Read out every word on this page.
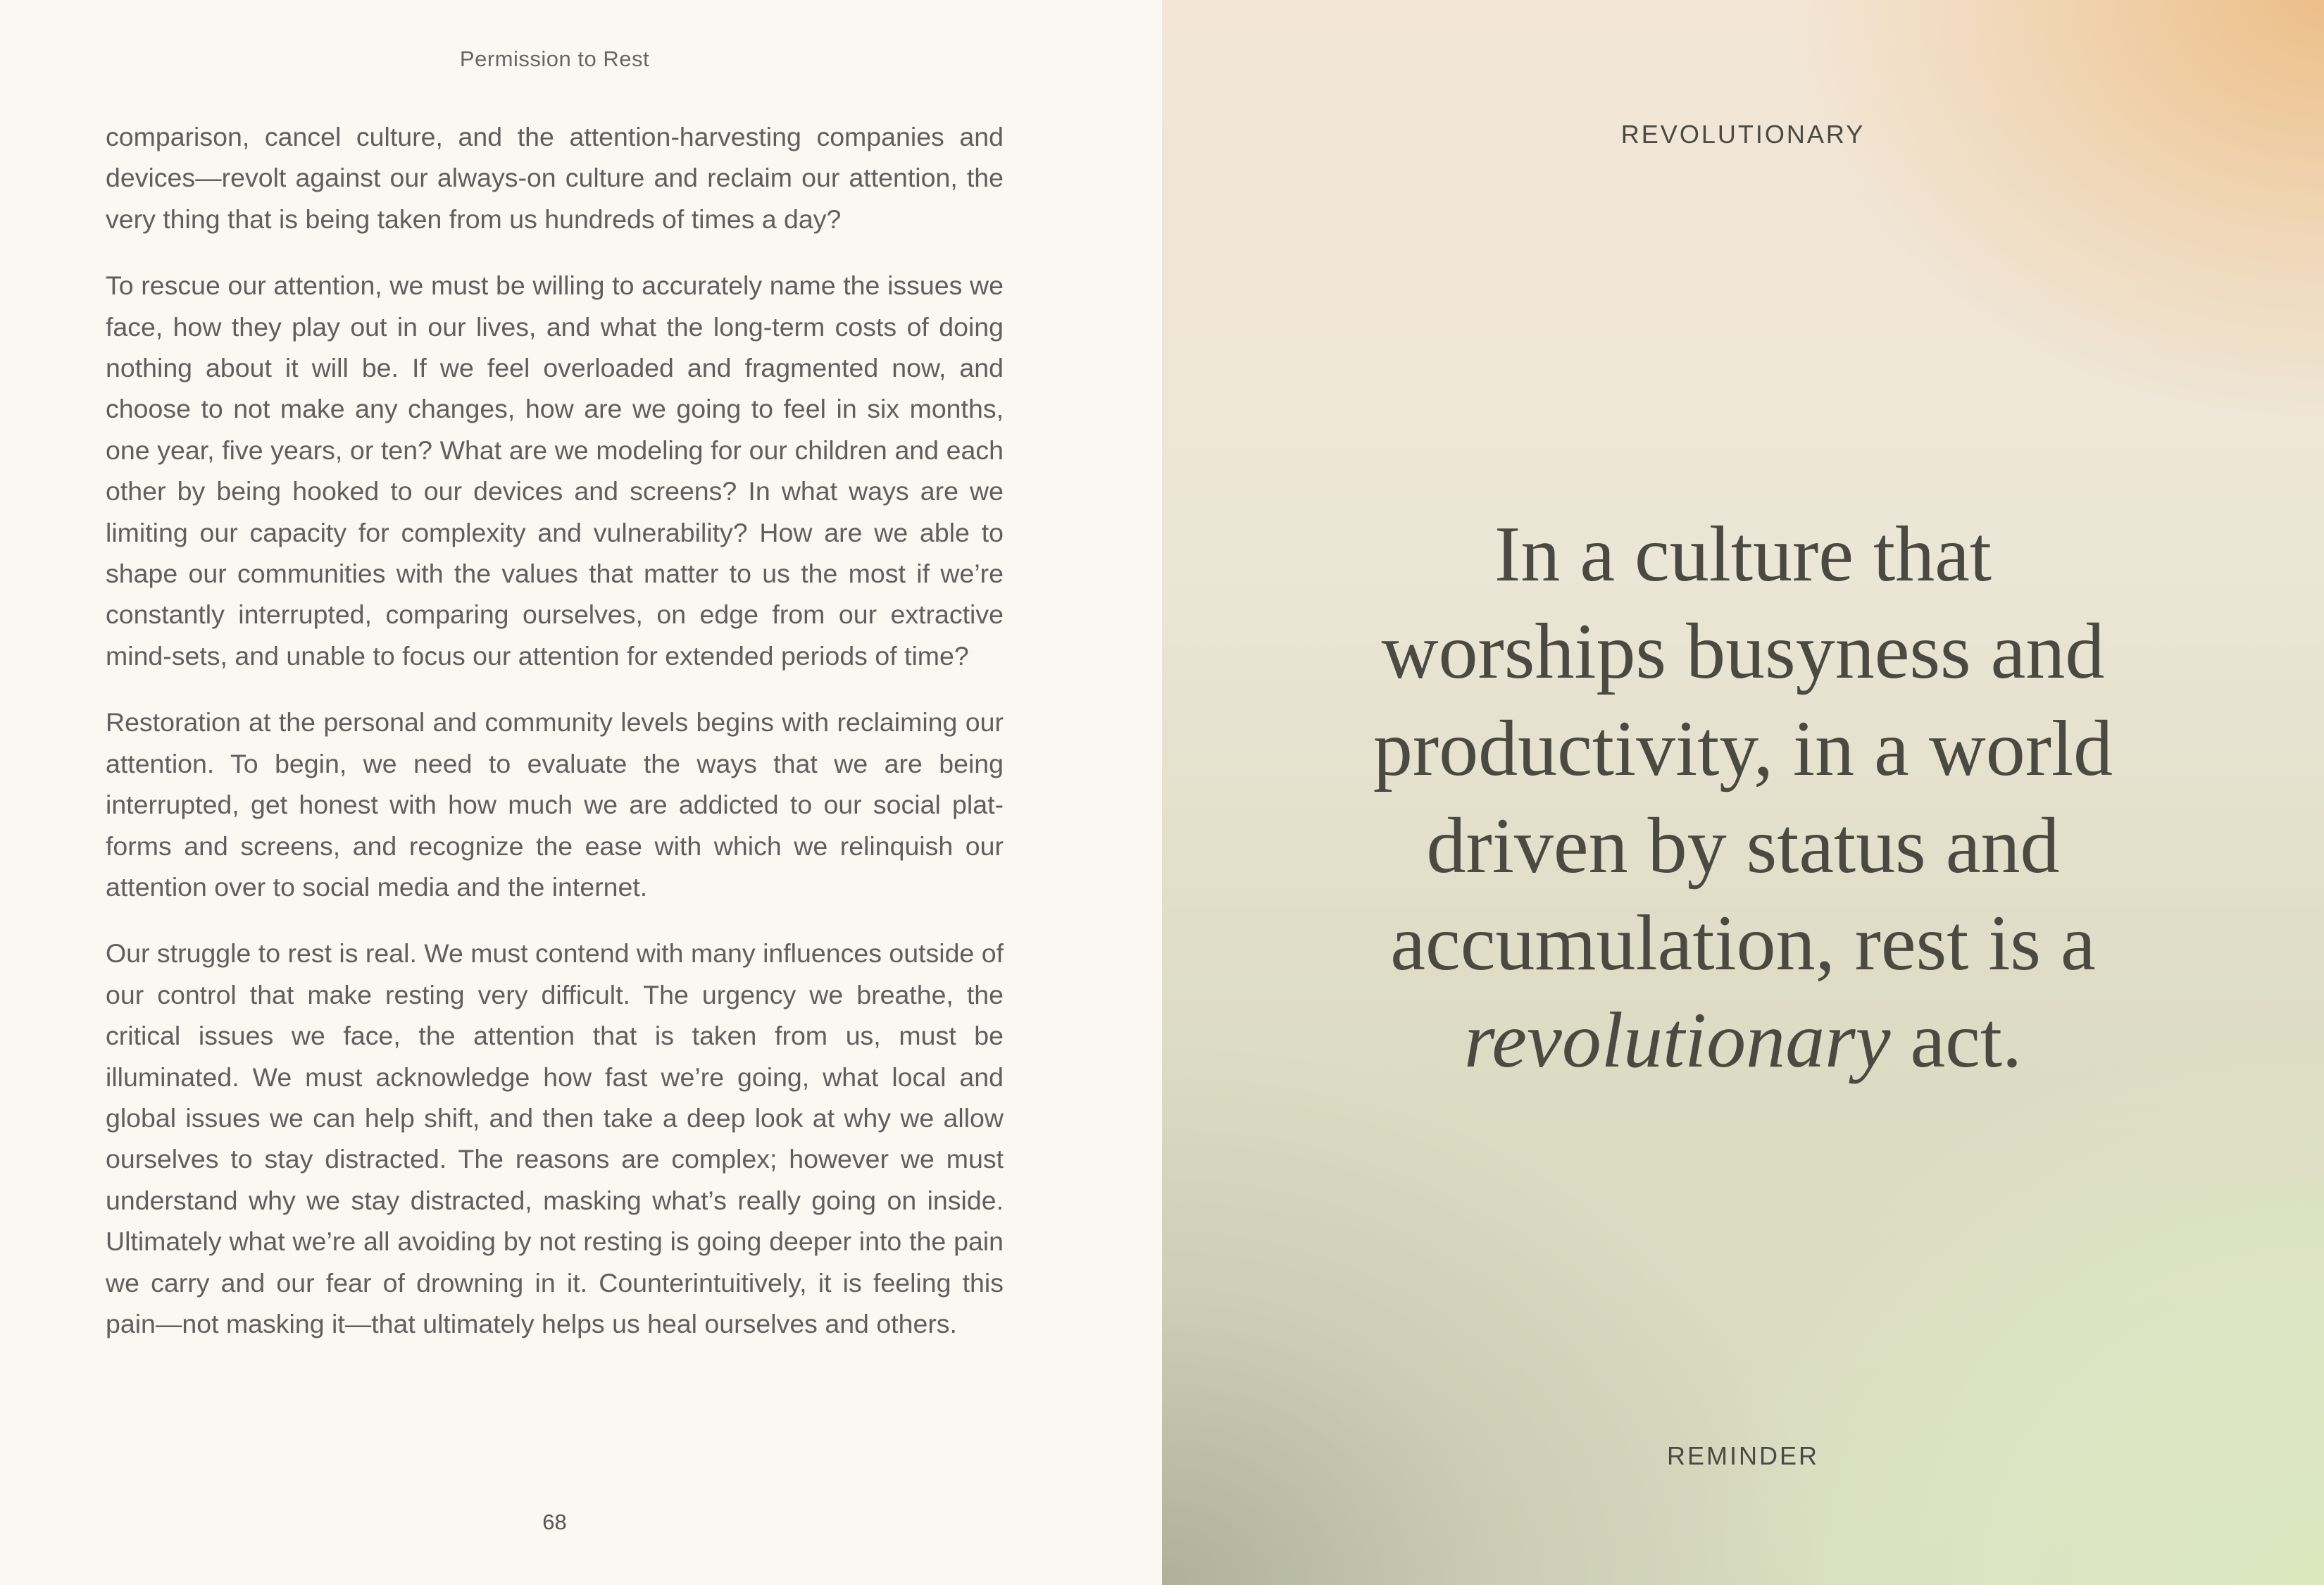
Permission to Rest

comparison, cancel culture, and the attention-harvesting companies and devices—revolt against our always-on culture and reclaim our attention, the very thing that is being taken from us hundreds of times a day?

To rescue our attention, we must be willing to accurately name the issues we face, how they play out in our lives, and what the long-term costs of doing nothing about it will be. If we feel overloaded and fragmented now, and choose to not make any changes, how are we going to feel in six months, one year, five years, or ten? What are we modeling for our children and each other by being hooked to our devices and screens? In what ways are we limiting our capacity for complexity and vulnerability? How are we able to shape our communities with the values that matter to us the most if we’re constantly interrupted, comparing ourselves, on edge from our extractive mind-sets, and unable to focus our attention for extended periods of time?

Restoration at the personal and community levels begins with reclaiming our attention. To begin, we need to evaluate the ways that we are being interrupted, get honest with how much we are addicted to our social plat-forms and screens, and recognize the ease with which we relinquish our attention over to social media and the internet.

Our struggle to rest is real. We must contend with many influences outside of our control that make resting very difficult. The urgency we breathe, the critical issues we face, the attention that is taken from us, must be illuminated. We must acknowledge how fast we’re going, what local and global issues we can help shift, and then take a deep look at why we allow ourselves to stay distracted. The reasons are complex; however we must understand why we stay distracted, masking what’s really going on inside. Ultimately what we’re all avoiding by not resting is going deeper into the pain we carry and our fear of drowning in it. Counterintuitively, it is feeling this pain—not masking it—that ultimately helps us heal ourselves and others.

68
REVOLUTIONARY
In a culture that
worships busyness and
productivity, in a world
driven by status and
accumulation, rest is a
revolutionary act.
REMINDER
